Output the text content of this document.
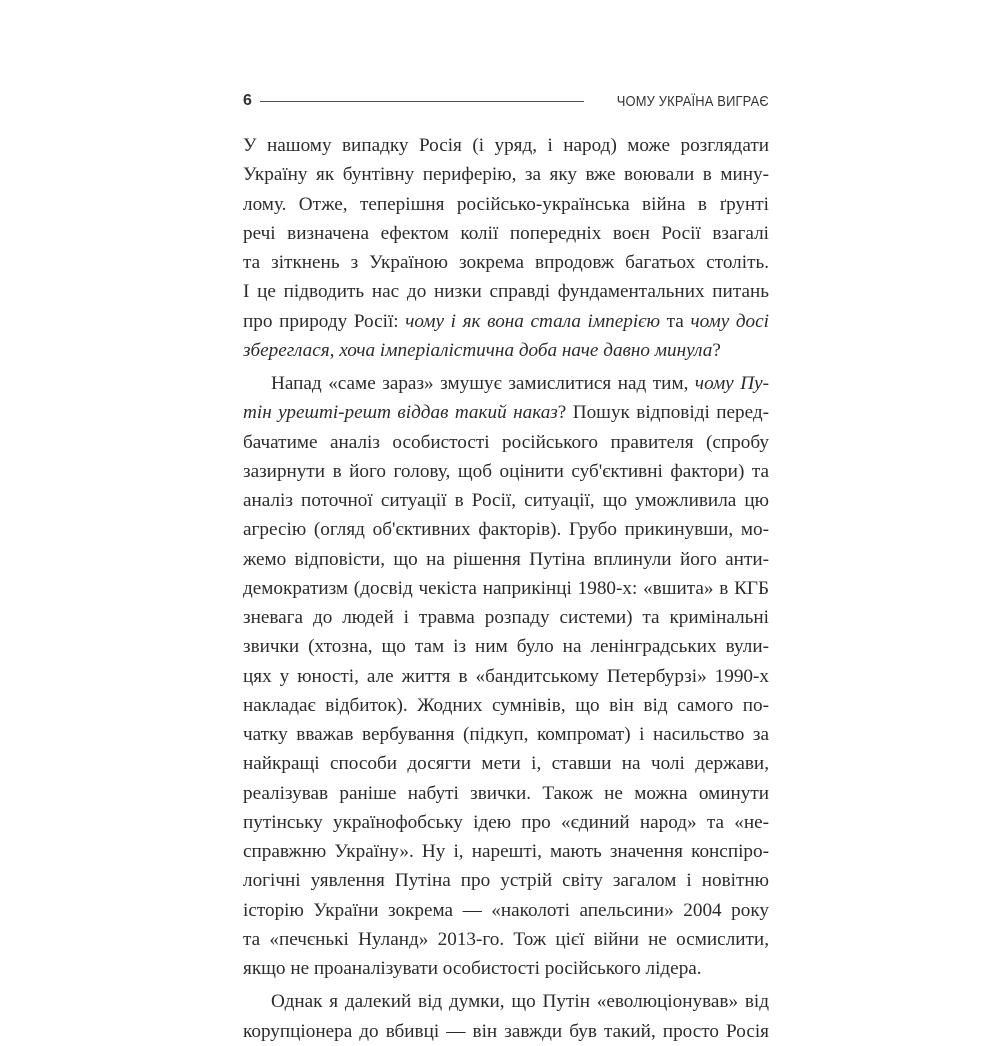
6	ЧОМУ УКРАЇНА ВИГРАЄ
У нашому випадку Росія (і уряд, і народ) може розглядати
Україну як бунтівну периферію, за яку вже воювали в мину-
лому. Отже, теперішня російсько-українська війна в ґрунті
речі визначена ефектом колії попередніх воєн Росії взагалі
та зіткнень з Україною зокрема впродовж багатьох століть.
І це підводить нас до низки справді фундаментальних питань
про природу Росії: чому і як вона стала імперією та чому досі
збереглася, хоча імперіалістична доба наче давно минула?
Напад «саме зараз» змушує замислитися над тим, чому Пу-
тін урешті-решт віддав такий наказ? Пошук відповіді перед-
бачатиме аналіз особистості російського правителя (спробу
зазирнути в його голову, щоб оцінити суб'єктивні фактори) та
аналіз поточної ситуації в Росії, ситуації, що уможливила цю
агресію (огляд об'єктивних факторів). Грубо прикинувши, мо-
жемо відповісти, що на рішення Путіна вплинули його анти-
демократизм (досвід чекіста наприкінці 1980-х: «вшита» в КГБ
зневага до людей і травма розпаду системи) та кримінальні
звички (хтозна, що там із ним було на ленінградських вули-
цях у юності, але життя в «бандитському Петербурзі» 1990-х
накладає відбиток). Жодних сумнівів, що він від самого по-
чатку вважав вербування (підкуп, компромат) і насильство за
найкращі способи досягти мети і, ставши на чолі держави,
реалізував раніше набуті звички. Також не можна оминути
путінську українофобську ідею про «єдиний народ» та «не-
справжню Україну». Ну і, нарешті, мають значення конспіро-
логічні уявлення Путіна про устрій світу загалом і новітню
історію України зокрема — «наколоті апельсини» 2004 року
та «печєнькі Нуланд» 2013-го. Тож цієї війни не осмислити,
якщо не проаналізувати особистості російського лідера.
Однак я далекий від думки, що Путін «еволюціонував» від
корупціонера до вбивці — він завжди був такий, просто Росія
